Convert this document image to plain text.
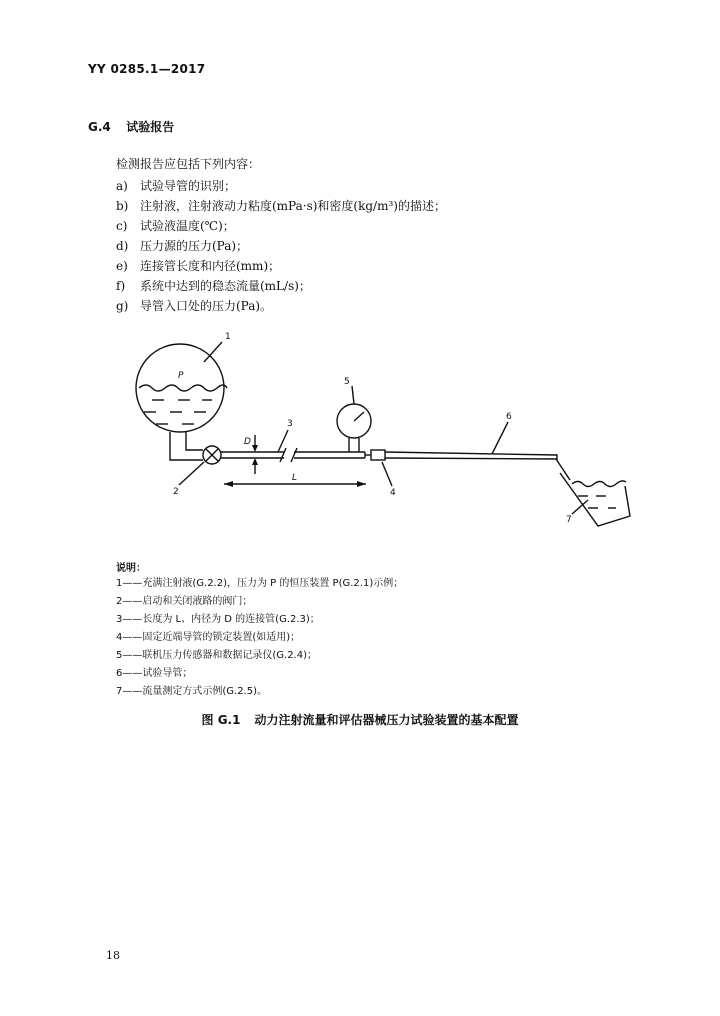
YY 0285.1—2017
G.4 试验报告
检测报告应包括下列内容：
a) 试验导管的识别；
b) 注射液，注射液动力粘度(mPa·s)和密度(kg/m³)的描述；
c) 试验液温度(℃)；
d) 压力源的压力(Pa)；
e) 连接管长度和内径(mm)；
f) 系统中达到的稳态流量(mL/s)；
g) 导管入口处的压力(Pa)。
1
2
3
4
5
6
7
P
D
L
说明：
1——充满注射液(G.2.2)，压力为 P 的恒压装置 P(G.2.1)示例；
2——启动和关闭液路的阀门；
3——长度为 L、内径为 D 的连接管(G.2.3)；
4——固定近端导管的锁定装置(如适用)；
5——联机压力传感器和数据记录仪(G.2.4)；
6——试验导管；
7——流量测定方式示例(G.2.5)。
图 G.1 动力注射流量和评估器械压力试验装置的基本配置
18
